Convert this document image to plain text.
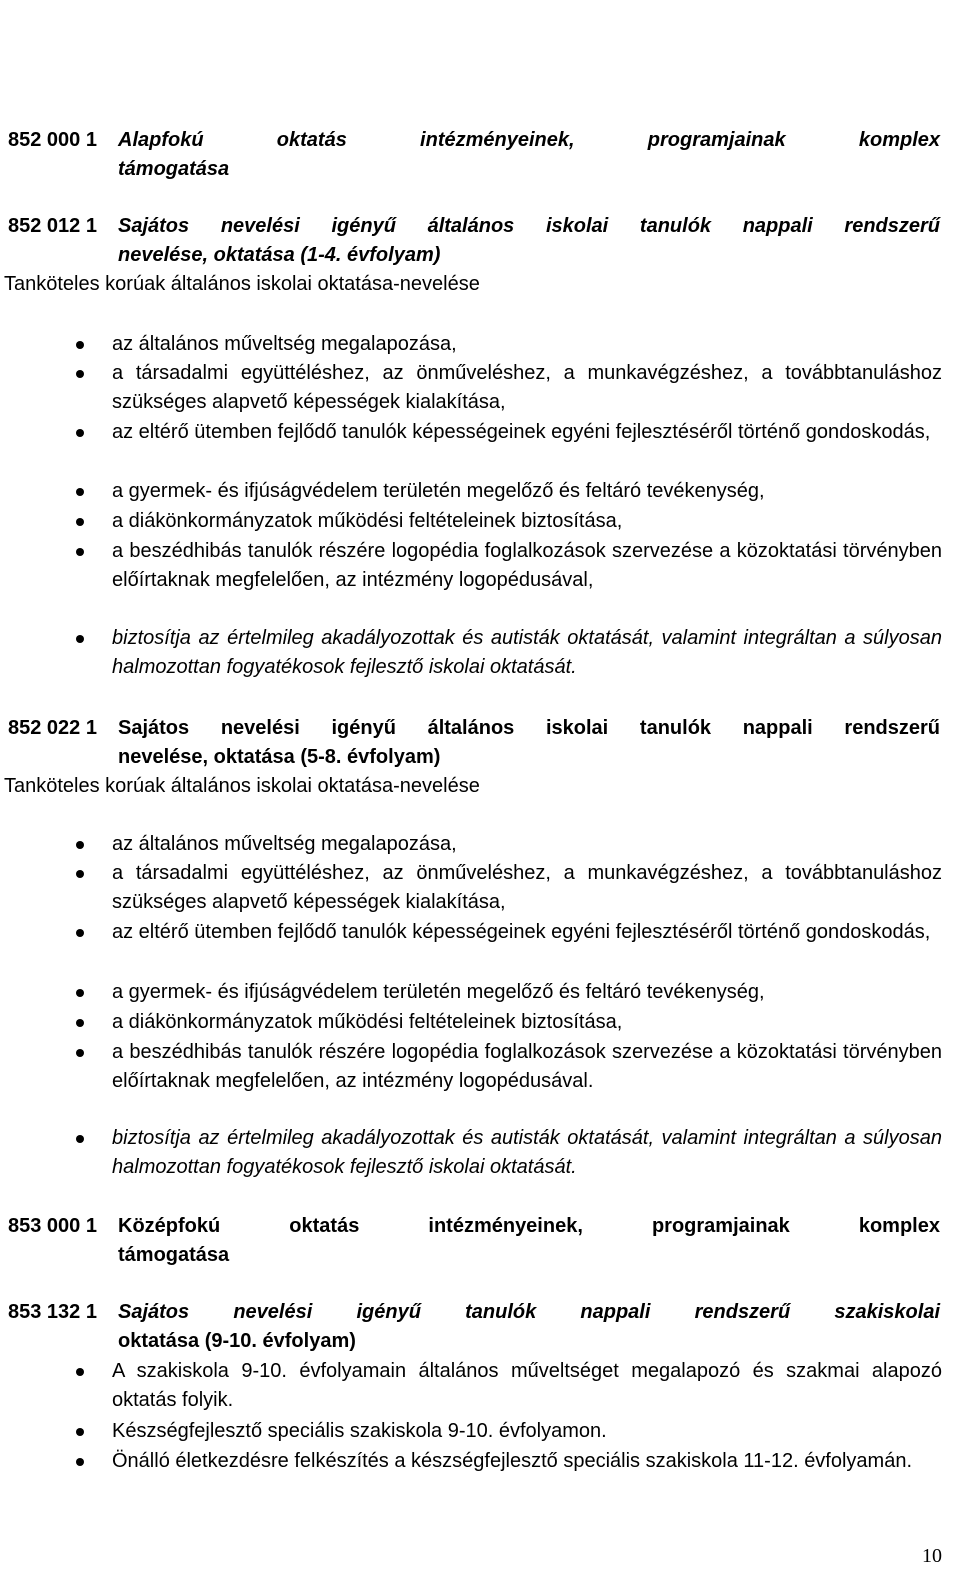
Aranyhíd Nevelési - Oktatási Integrációs Központ, Egységes Gyógypedagógiai, Konduktív Pedagógiai
Módszertani Intézmény, Óvoda, Általános Iskola és Speciális Szakiskola
SZERVEZETI ÉS MŰKÖDÉSI SZABÁLYZATA
852 000 1 Alapfokú oktatás intézményeinek, programjainak komplex
támogatása
852 012 1 Sajátos nevelési igényű általános iskolai tanulók nappali rendszerű
nevelése, oktatása (1-4. évfolyam)
Tanköteles korúak általános iskolai oktatása-nevelése
az általános műveltség megalapozása,
a társadalmi együttéléshez, az önműveléshez, a munkavégzéshez, a továbbtanuláshoz szükséges alapvető képességek kialakítása,
az eltérő ütemben fejlődő tanulók képességeinek egyéni fejlesztéséről történő gondoskodás,
a gyermek- és ifjúságvédelem területén megelőző és feltáró tevékenység,
a diákönkormányzatok működési feltételeinek biztosítása,
a beszédhibás tanulók részére logopédia foglalkozások szervezése a közoktatási törvényben előírtaknak megfelelően, az intézmény logopédusával,
biztosítja az értelmileg akadályozottak és autisták oktatását, valamint integráltan a súlyosan halmozottan fogyatékosok fejlesztő iskolai oktatását.
852 022 1 Sajátos nevelési igényű általános iskolai tanulók nappali rendszerű
nevelése, oktatása (5-8. évfolyam)
Tanköteles korúak általános iskolai oktatása-nevelése
az általános műveltség megalapozása,
a társadalmi együttéléshez, az önműveléshez, a munkavégzéshez, a továbbtanuláshoz szükséges alapvető képességek kialakítása,
az eltérő ütemben fejlődő tanulók képességeinek egyéni fejlesztéséről történő gondoskodás,
a gyermek- és ifjúságvédelem területén megelőző és feltáró tevékenység,
a diákönkormányzatok működési feltételeinek biztosítása,
a beszédhibás tanulók részére logopédia foglalkozások szervezése a közoktatási törvényben előírtaknak megfelelően, az intézmény logopédusával.
biztosítja az értelmileg akadályozottak és autisták oktatását, valamint integráltan a súlyosan halmozottan fogyatékosok fejlesztő iskolai oktatását.
853 000 1 Középfokú oktatás intézményeinek, programjainak komplex
támogatása
853 132 1 Sajátos nevelési igényű tanulók nappali rendszerű szakiskolai
oktatása (9-10. évfolyam)
A szakiskola 9-10. évfolyamain általános műveltséget megalapozó és szakmai alapozó oktatás folyik.
Készségfejlesztő speciális szakiskola 9-10. évfolyamon.
Önálló életkezdésre felkészítés a készségfejlesztő speciális szakiskola 11-12. évfolyamán.
10
